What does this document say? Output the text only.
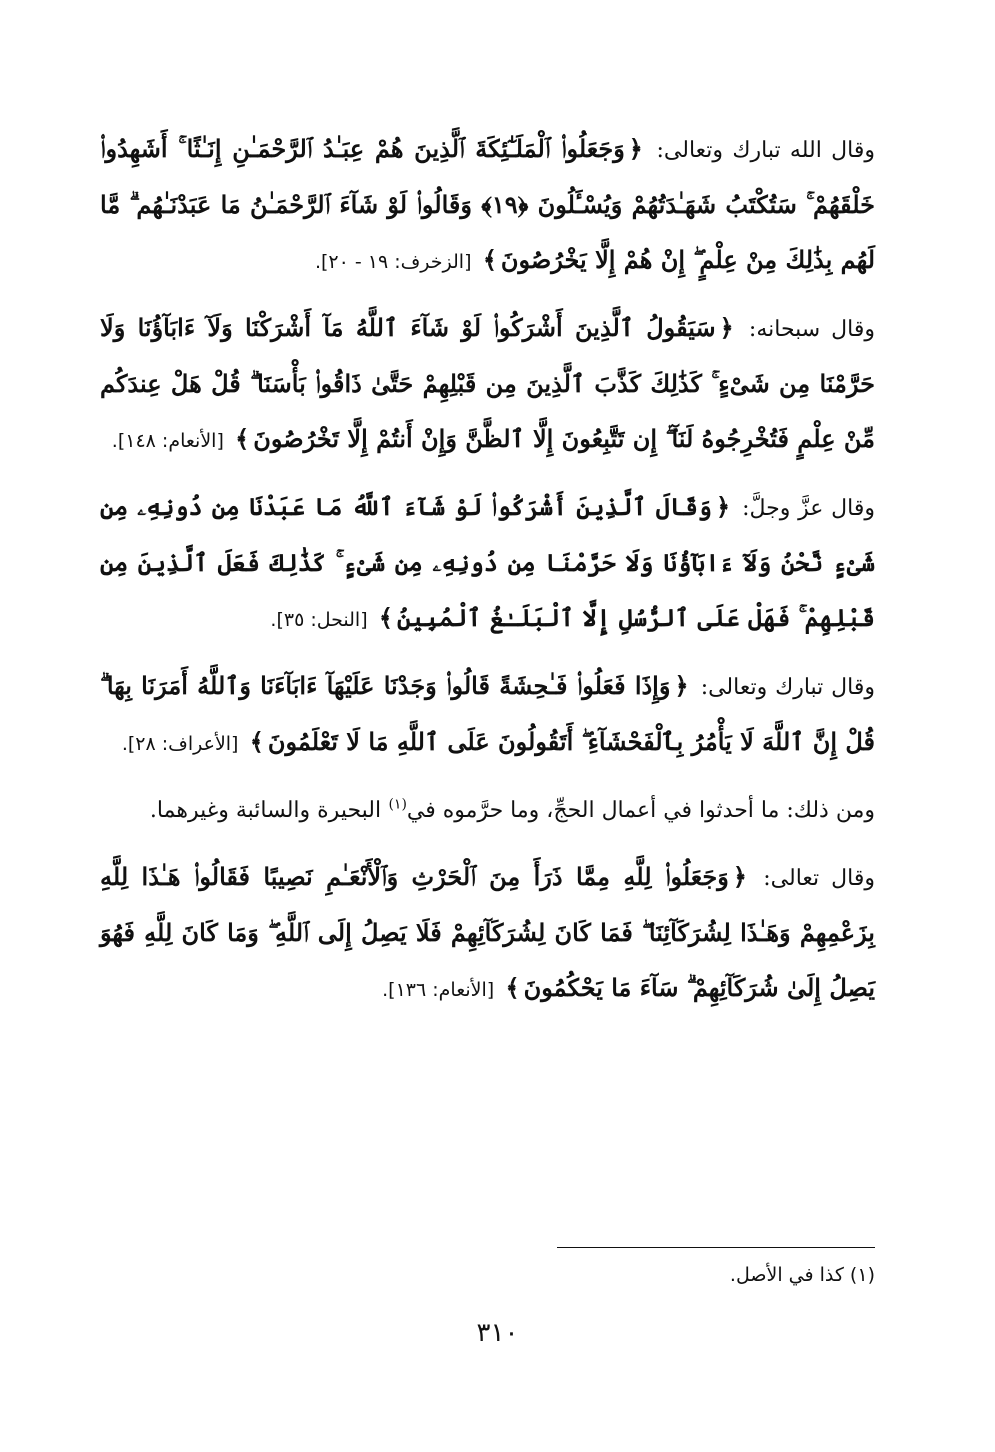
وقال الله تبارك وتعالى: ﴿وَجَعَلُوا۟ ٱلْمَلَـٰٓئِكَةَ ٱلَّذِينَ هُمْ عِبَـٰدُ ٱلرَّحْمَـٰنِ إِنَـٰثًا ۚ أَشَهِدُوا۟ خَلْقَهُمْ ۚ سَتُكْتَبُ شَهَـٰدَتُهُمْ وَيُسْـَٔلُونَ ﴿١٩﴾ وَقَالُوا۟ لَوْ شَآءَ ٱلرَّحْمَـٰنُ مَا عَبَدْنَـٰهُم ۗ مَّا لَهُم بِذَٰلِكَ مِنْ عِلْمٍ ۖ إِنْ هُمْ إِلَّا يَخْرُصُونَ﴾ [الزخرف: ١٩ - ٢٠].

وقال سبحانه: ﴿سَيَقُولُ ٱلَّذِينَ أَشْرَكُوا۟ لَوْ شَآءَ ٱللَّهُ مَآ أَشْرَكْنَا وَلَآ ءَابَآؤُنَا وَلَا حَرَّمْنَا مِن شَىْءٍ ۚ كَذَٰلِكَ كَذَّبَ ٱلَّذِينَ مِن قَبْلِهِمْ حَتَّىٰ ذَاقُوا۟ بَأْسَنَا ۗ قُلْ هَلْ عِندَكُم مِّنْ عِلْمٍ فَتُخْرِجُوهُ لَنَآ ۖ إِن تَتَّبِعُونَ إِلَّا ٱلظَّنَّ وَإِنْ أَنتُمْ إِلَّا تَخْرُصُونَ﴾ [الأنعام: ١٤٨].

وقال عزَّ وجلَّ: ﴿وَقَالَ ٱلَّذِينَ أَشْرَكُوا۟ لَوْ شَآءَ ٱللَّهُ مَا عَبَدْنَا مِن دُونِهِۦ مِن شَىْءٍ نَّحْنُ وَلَآ ءَابَآؤُنَا وَلَا حَرَّمْنَا مِن دُونِهِۦ مِن شَىْءٍ ۚ كَذَٰلِكَ فَعَلَ ٱلَّذِينَ مِن قَبْلِهِمْ ۚ فَهَلْ عَلَى ٱلرُّسُلِ إِلَّا ٱلْبَلَـٰغُ ٱلْمُبِينُ﴾ [النحل: ٣٥].

وقال تبارك وتعالى: ﴿وَإِذَا فَعَلُوا۟ فَـٰحِشَةً قَالُوا۟ وَجَدْنَا عَلَيْهَآ ءَابَآءَنَا وَٱللَّهُ أَمَرَنَا بِهَا ۗ قُلْ إِنَّ ٱللَّهَ لَا يَأْمُرُ بِٱلْفَحْشَآءِ ۖ أَتَقُولُونَ عَلَى ٱللَّهِ مَا لَا تَعْلَمُونَ﴾ [الأعراف: ٢٨].

ومن ذلك: ما أحدثوا في أعمال الحجِّ، وما حرَّموه في$^{(١)}$ البحيرة والسائبة وغيرهما.

وقال تعالى: ﴿وَجَعَلُوا۟ لِلَّهِ مِمَّا ذَرَأَ مِنَ ٱلْحَرْثِ وَٱلْأَنْعَـٰمِ نَصِيبًا فَقَالُوا۟ هَـٰذَا لِلَّهِ بِزَعْمِهِمْ وَهَـٰذَا لِشُرَكَآئِنَا ۖ فَمَا كَانَ لِشُرَكَآئِهِمْ فَلَا يَصِلُ إِلَى ٱللَّهِ ۖ وَمَا كَانَ لِلَّهِ فَهُوَ يَصِلُ إِلَىٰ شُرَكَآئِهِمْ ۗ سَآءَ مَا يَحْكُمُونَ﴾ [الأنعام: ١٣٦].

(١) كذا في الأصل.
٣١٠
